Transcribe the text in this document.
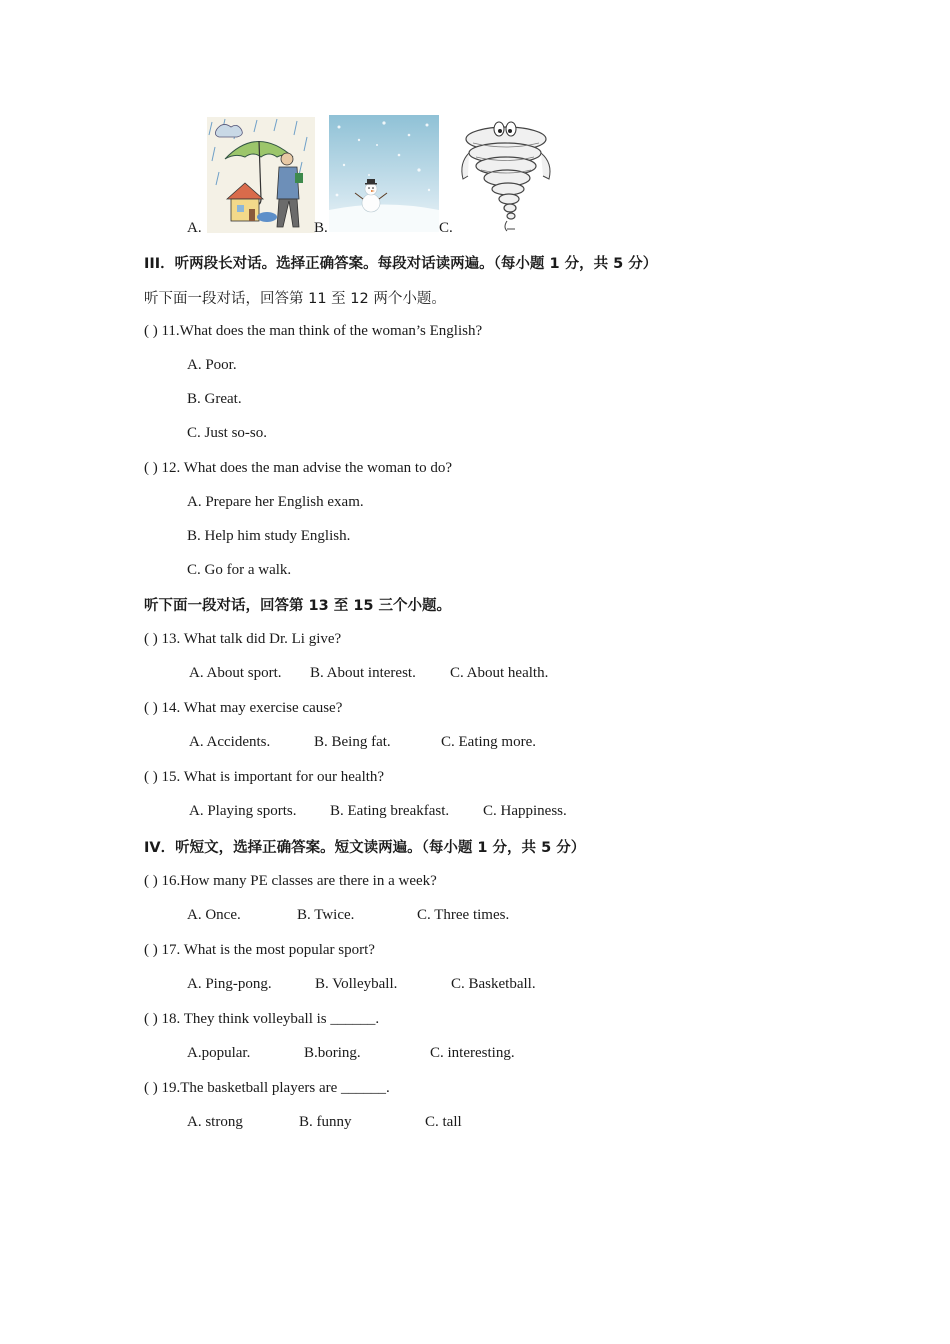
A.	B.	C.
III．听两段长对话。选择正确答案。每段对话读两遍。（每小题 1 分，共 5 分）
听下面一段对话，回答第 11 至 12 两个小题。
( ) 11.What does the man think of the woman’s English?
A. Poor.
B. Great.
C. Just so-so.
( ) 12. What does the man advise the woman to do?
A. Prepare her English exam.
B. Help him study English.
C. Go for a walk.
听下面一段对话，回答第 13 至 15 三个小题。
( ) 13. What talk did Dr. Li give?
A. About sport. B. About interest. C. About health.
( ) 14. What may exercise cause?
A. Accidents.	B. Being fat.	C. Eating more.
( ) 15. What is important for our health?
A. Playing sports. B. Eating breakfast. C. Happiness.
IV．听短文，选择正确答案。短文读两遍。（每小题 1 分，共 5 分）
( ) 16.How many PE classes are there in a week?
A. Once.	B. Twice.	C. Three times.
( ) 17. What is the most popular sport?
A. Ping-pong.	B. Volleyball.	C. Basketball.
( ) 18. They think volleyball is ______.
A.popular.	B.boring.	C. interesting.
( ) 19.The basketball players are ______.
A. strong	B. funny	C. tall
